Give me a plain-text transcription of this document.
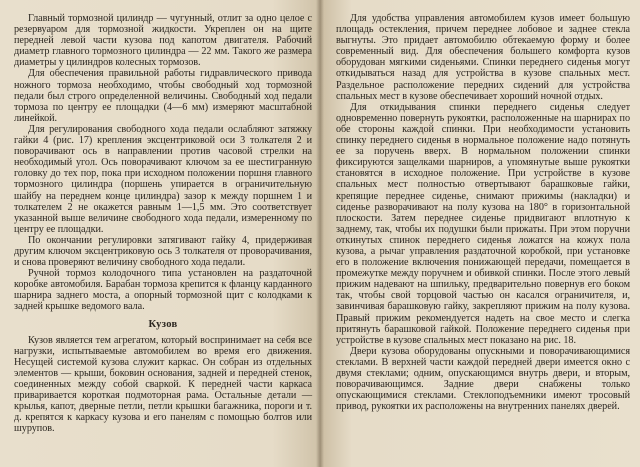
Главный тормозной цилиндр — чугунный, отлит за одно целое с резервуаром для тормозной жидкости. Укреплен он на щите передней левой части кузова под капотом двигателя. Рабочий диаметр главного тормозного цилиндра — 22 мм. Такого же размера диаметры у цилиндров колесных тормозов.

Для обеспечения правильной работы гидравлического привода ножного тормоза необходимо, чтобы свободный ход тормозной педали был строго определенной величины. Свободный ход педали тормоза по центру ее площадки (4—6 мм) измеряют масштабной линейкой.

Для регулирования свободного хода педали ослабляют затяжку гайки 4 (рис. 17) крепления эксцентриковой оси 3 толкателя 2 и поворачивают ось в направлении против часовой стрелки на необходимый угол. Ось поворачивают ключом за ее шестигранную головку до тех пор, пока при исходном положении поршня главного тормозного цилиндра (поршень упирается в ограничительную шайбу на переднем конце цилиндра) зазор к между поршнем 1 и толкателем 2 не окажется равным 1—1,5 мм. Это соответствует указанной выше величине свободного хода педали, измеренному по центру ее площадки.

По окончании регулировки затягивают гайку 4, придерживая другим ключом эксцентриковую ось 3 толкателя от проворачивания, и снова проверяют величину свободного хода педали.

Ручной тормоз колодочного типа установлен на раздаточной коробке автомобиля. Барабан тормоза крепится к фланцу карданного шарнира заднего моста, а опорный тормозной щит с колодками к задней крышке ведомого вала.

Кузов

Кузов является тем агрегатом, который воспринимает на себя все нагрузки, испытываемые автомобилем во время его движения. Несущей системой кузова служит каркас. Он собран из отдельных элементов — крыши, боковин основания, задней и передней стенок, соединенных между собой сваркой. К передней части каркаса приваривается короткая подмоторная рама. Остальные детали — крылья, капот, дверные петли, петли крышки багажника, пороги и т. д. крепятся к каркасу кузова и его панелям с помощью болтов или шурупов.

Для удобства управления автомобилем кузов имеет большую площадь остекления, причем переднее лобовое и заднее стекла выгнуты. Это придает автомобилю обтекаемую форму и более современный вид. Для обеспечения большего комфорта кузов оборудован мягкими сиденьями. Спинки переднего сиденья могут откидываться назад для устройства в кузове спальных мест. Раздельное расположение передних сидений для устройства спальных мест в кузове обеспечивает хороший ночной отдых.

Для откидывания спинки переднего сиденья следует одновременно повернуть рукоятки, расположенные на шарнирах по обе стороны каждой спинки. При необходимости установить спинку переднего сиденья в нормальное положение надо потянуть ее за поручень вверх. В нормальном положении спинки фиксируются защелками шарниров, а упомянутые выше рукоятки становятся в исходное положение. При устройстве в кузове спальных мест полностью отвертывают барашковые гайки, крепящие переднее сиденье, снимают прижимы (накладки) и сиденье разворачивают на полу кузова на 180° в горизонтальной плоскости. Затем переднее сиденье придвигают вплотную к заднему, так, чтобы их подушки были прижаты. При этом поручни откинутых спинок переднего сиденья ложатся на кожух пола кузова, а рычаг управления раздаточной коробкой, при установке его в положение включения понижающей передачи, помещается в промежутке между поручнем и обивкой спинки. После этого левый прижим надевают на шпильку, предварительно повернув его боком так, чтобы свой торцовой частью он касался ограничителя, и, завинчивая барашковую гайку, закрепляют прижим на полу кузова. Правый прижим рекомендуется надеть на свое место и слегка притянуть барашковой гайкой. Положение переднего сиденья при устройстве в кузове спальных мест показано на рис. 18.

Двери кузова оборудованы опускными и поворачивающимися стеклами. В верхней части каждой передней двери имеется окно с двумя стеклами; одним, опускающимся внутрь двери, и вторым, поворачивающимся. Задние двери снабжены только опускающимися стеклами. Стеклоподъемники имеют тросовый привод, рукоятки их расположены на внутренних панелях дверей.
